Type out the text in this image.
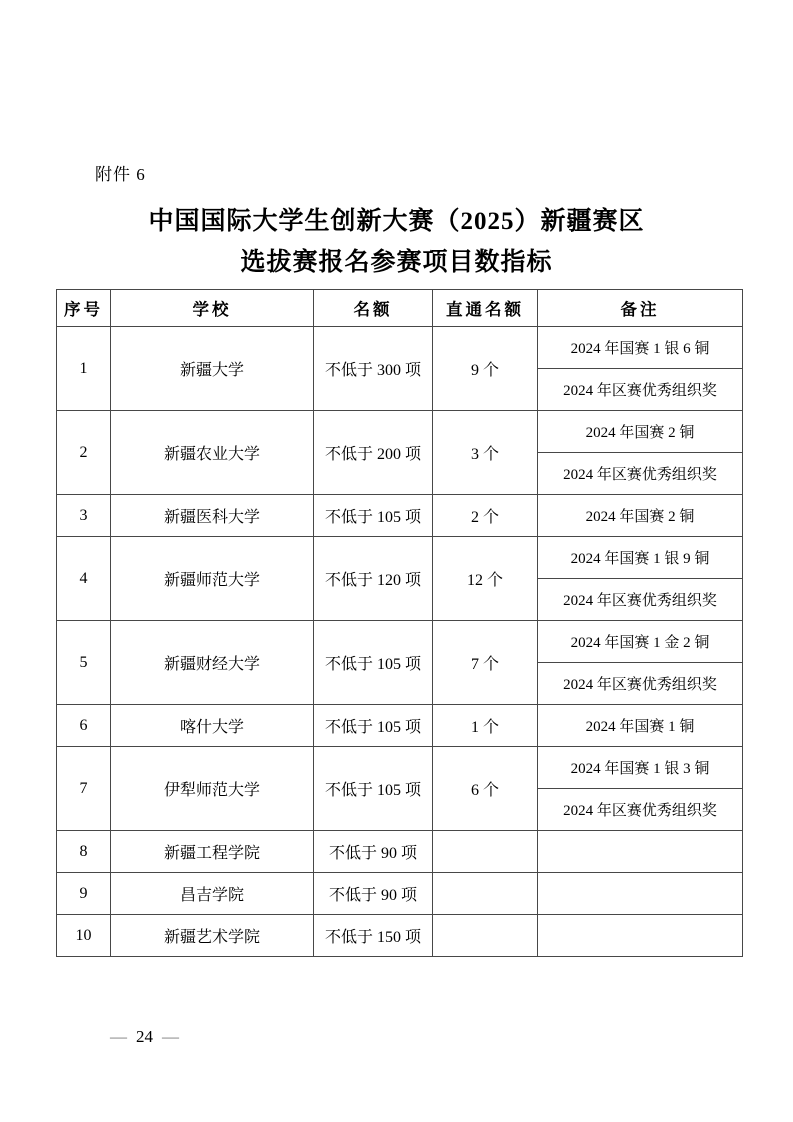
附件 6
中国国际大学生创新大赛（2025）新疆赛区
选拔赛报名参赛项目数指标
序号	学校	名额	直通名额	备注
1	新疆大学	不低于 300 项	9 个	2024 年国赛 1 银 6 铜
				2024 年区赛优秀组织奖
2	新疆农业大学	不低于 200 项	3 个	2024 年国赛 2 铜
				2024 年区赛优秀组织奖
3	新疆医科大学	不低于 105 项	2 个	2024 年国赛 2 铜
4	新疆师范大学	不低于 120 项	12 个	2024 年国赛 1 银 9 铜
				2024 年区赛优秀组织奖
5	新疆财经大学	不低于 105 项	7 个	2024 年国赛 1 金 2 铜
				2024 年区赛优秀组织奖
6	喀什大学	不低于 105 项	1 个	2024 年国赛 1 铜
7	伊犁师范大学	不低于 105 项	6 个	2024 年国赛 1 银 3 铜
				2024 年区赛优秀组织奖
8	新疆工程学院	不低于 90 项		
9	昌吉学院	不低于 90 项		
10	新疆艺术学院	不低于 150 项		
— 24 —
